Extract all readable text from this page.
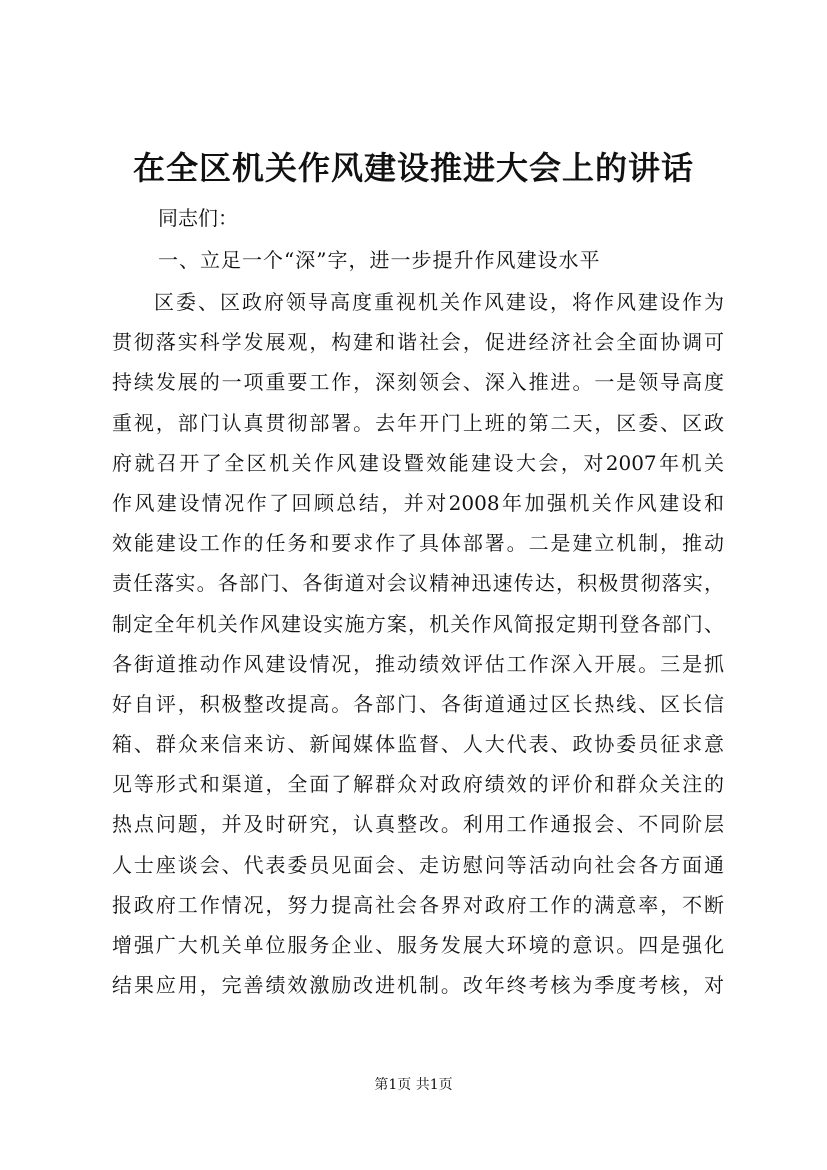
在全区机关作风建设推进大会上的讲话

同志们：

一、立足一个“深”字，进一步提升作风建设水平

区委、区政府领导高度重视机关作风建设，将作风建设作为
贯彻落实科学发展观，构建和谐社会，促进经济社会全面协调可
持续发展的一项重要工作，深刻领会、深入推进。一是领导高度
重视，部门认真贯彻部署。去年开门上班的第二天，区委、区政
府就召开了全区机关作风建设暨效能建设大会，对2007年机关
作风建设情况作了回顾总结，并对2008年加强机关作风建设和
效能建设工作的任务和要求作了具体部署。二是建立机制，推动
责任落实。各部门、各街道对会议精神迅速传达，积极贯彻落实，
制定全年机关作风建设实施方案，机关作风简报定期刊登各部门、
各街道推动作风建设情况，推动绩效评估工作深入开展。三是抓
好自评，积极整改提高。各部门、各街道通过区长热线、区长信
箱、群众来信来访、新闻媒体监督、人大代表、政协委员征求意
见等形式和渠道，全面了解群众对政府绩效的评价和群众关注的
热点问题，并及时研究，认真整改。利用工作通报会、不同阶层
人士座谈会、代表委员见面会、走访慰问等活动向社会各方面通
报政府工作情况，努力提高社会各界对政府工作的满意率，不断
增强广大机关单位服务企业、服务发展大环境的意识。四是强化
结果应用，完善绩效激励改进机制。改年终考核为季度考核，对
第1页 共1页
